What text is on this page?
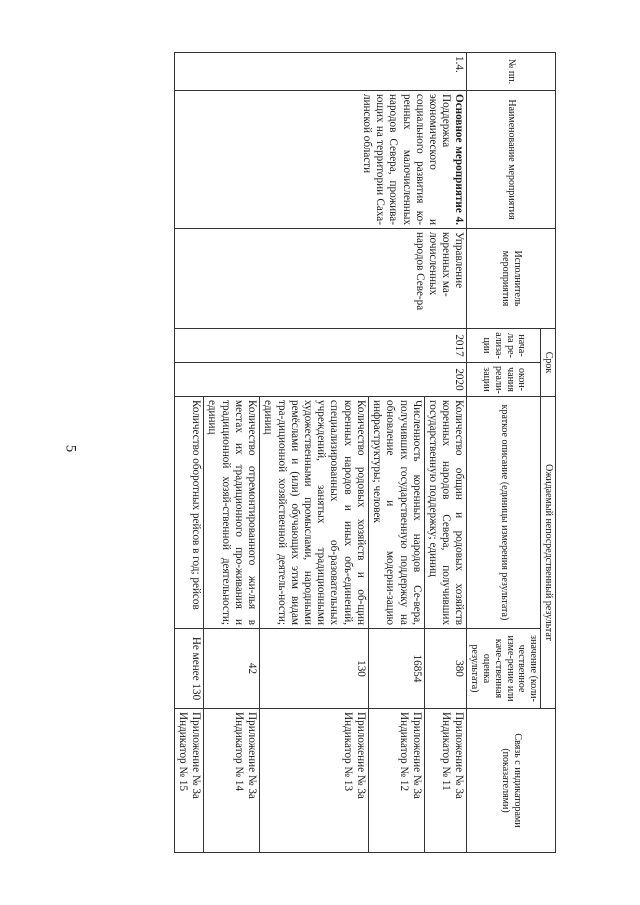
5
№ пп.	Наименование мероприятия	Исполнитель мероприятия	Срок		Ожидаемый непосредственный результат		Связь с индикаторами (показателями)
			нача-ла ре-ализа-ции	окон-чания реали-зации	краткое описание (единицы измерения результата)	значение (коли-чественное изме-рение или каче-ственная оценка результата)	
1.4.	Основное мероприятие 4. Поддержка экономического и социального развития ко-ренных малочисленных народов Севера, прожива-ющих на территории Саха-линской области	Управление коренных ма-лочисленных народов Севе-ра	2017	2020	Количество общин и родовых хозяйств коренных народов Севера, получивших государственную поддержку; единиц	380	Приложение № 3а Индикатор № 11
					Численность коренных народов Се-вера, получивших государственную поддержку на обновление и модерни-зацию инфраструктуры; человек	16854	Приложение № 3а Индикатор № 12
					Количество родовых хозяйств и об-щин коренных народов и иных объ-единений, специализированных об-разовательных учреждений, занятых традиционными художественными промыслами, народными ремёслами и (или) обучающих этим видам тра-диционной хозяйственной деятель-ности; единиц	130	Приложение № 3а Индикатор № 13
					Количество отремонтированного жи-лья в местах их традиционного про-живания и традиционной хозяй-ственной деятельности; единиц	42	Приложение № 3а Индикатор № 14
					Количество оборотных рейсов в год; рейсов	Не менее 130	Приложение № 3а Индикатор № 15
